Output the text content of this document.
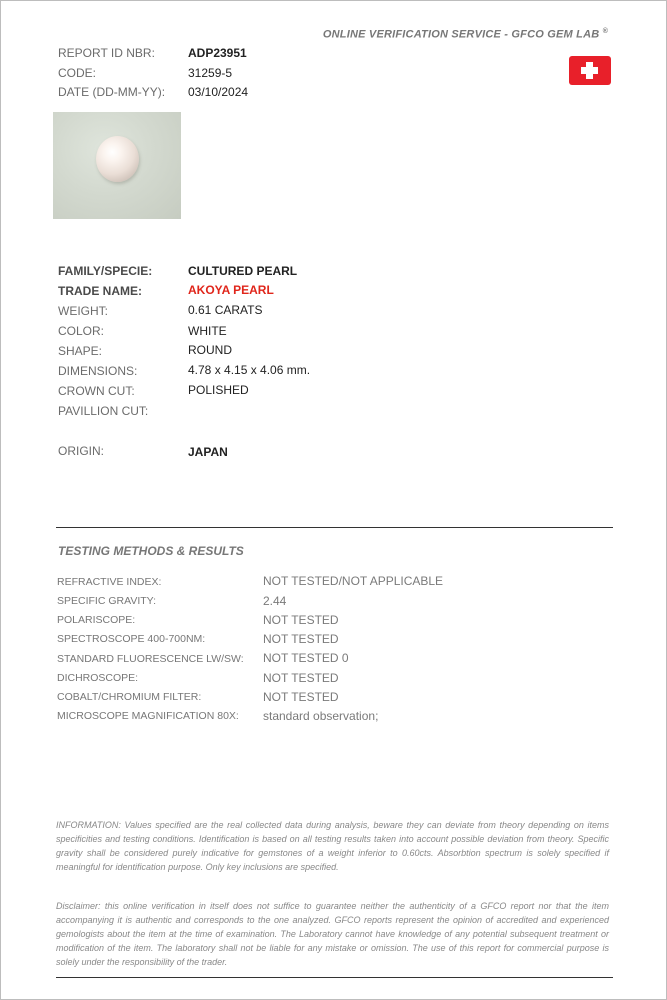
ONLINE VERIFICATION SERVICE - GFCO GEM LAB ®
REPORT ID NBR:	ADP23951
CODE:	31259-5
DATE (DD-MM-YY): 03/10/2024
FAMILY/SPECIE:	CULTURED PEARL
TRADE NAME:	AKOYA PEARL
WEIGHT:	0.61 CARATS
COLOR:	WHITE
SHAPE:	ROUND
DIMENSIONS:	4.78 x 4.15 x 4.06 mm.
CROWN CUT:	POLISHED
PAVILLION CUT:
ORIGIN:	JAPAN
TESTING METHODS & RESULTS
REFRACTIVE INDEX:	NOT TESTED/NOT APPLICABLE
SPECIFIC GRAVITY:	2.44
POLARISCOPE:	NOT TESTED
SPECTROSCOPE 400-700NM:	NOT TESTED
STANDARD FLUORESCENCE LW/SW: NOT TESTED 0
DICHROSCOPE:	NOT TESTED
COBALT/CHROMIUM FILTER:	NOT TESTED
MICROSCOPE MAGNIFICATION 80X: standard observation;
INFORMATION: Values specified are the real collected data during analysis, beware they can deviate from theory depending on items specificities and testing conditions. Identification is based on all testing results taken into account possible deviation from theory. Specific gravity shall be considered purely indicative for gemstones of a weight inferior to 0.60cts. Absorbtion spectrum is solely specified if meaningful for identification purpose. Only key inclusions are specified.
Disclaimer: this online verification in itself does not suffice to guarantee neither the authenticity of a GFCO report nor that the item accompanying it is authentic and corresponds to the one analyzed. GFCO reports represent the opinion of accredited and experienced gemologists about the item at the time of examination. The Laboratory cannot have knowledge of any potential subsequent treatment or modification of the item. The laboratory shall not be liable for any mistake or omission. The use of this report for commercial purpose is solely under the responsibility of the trader.
